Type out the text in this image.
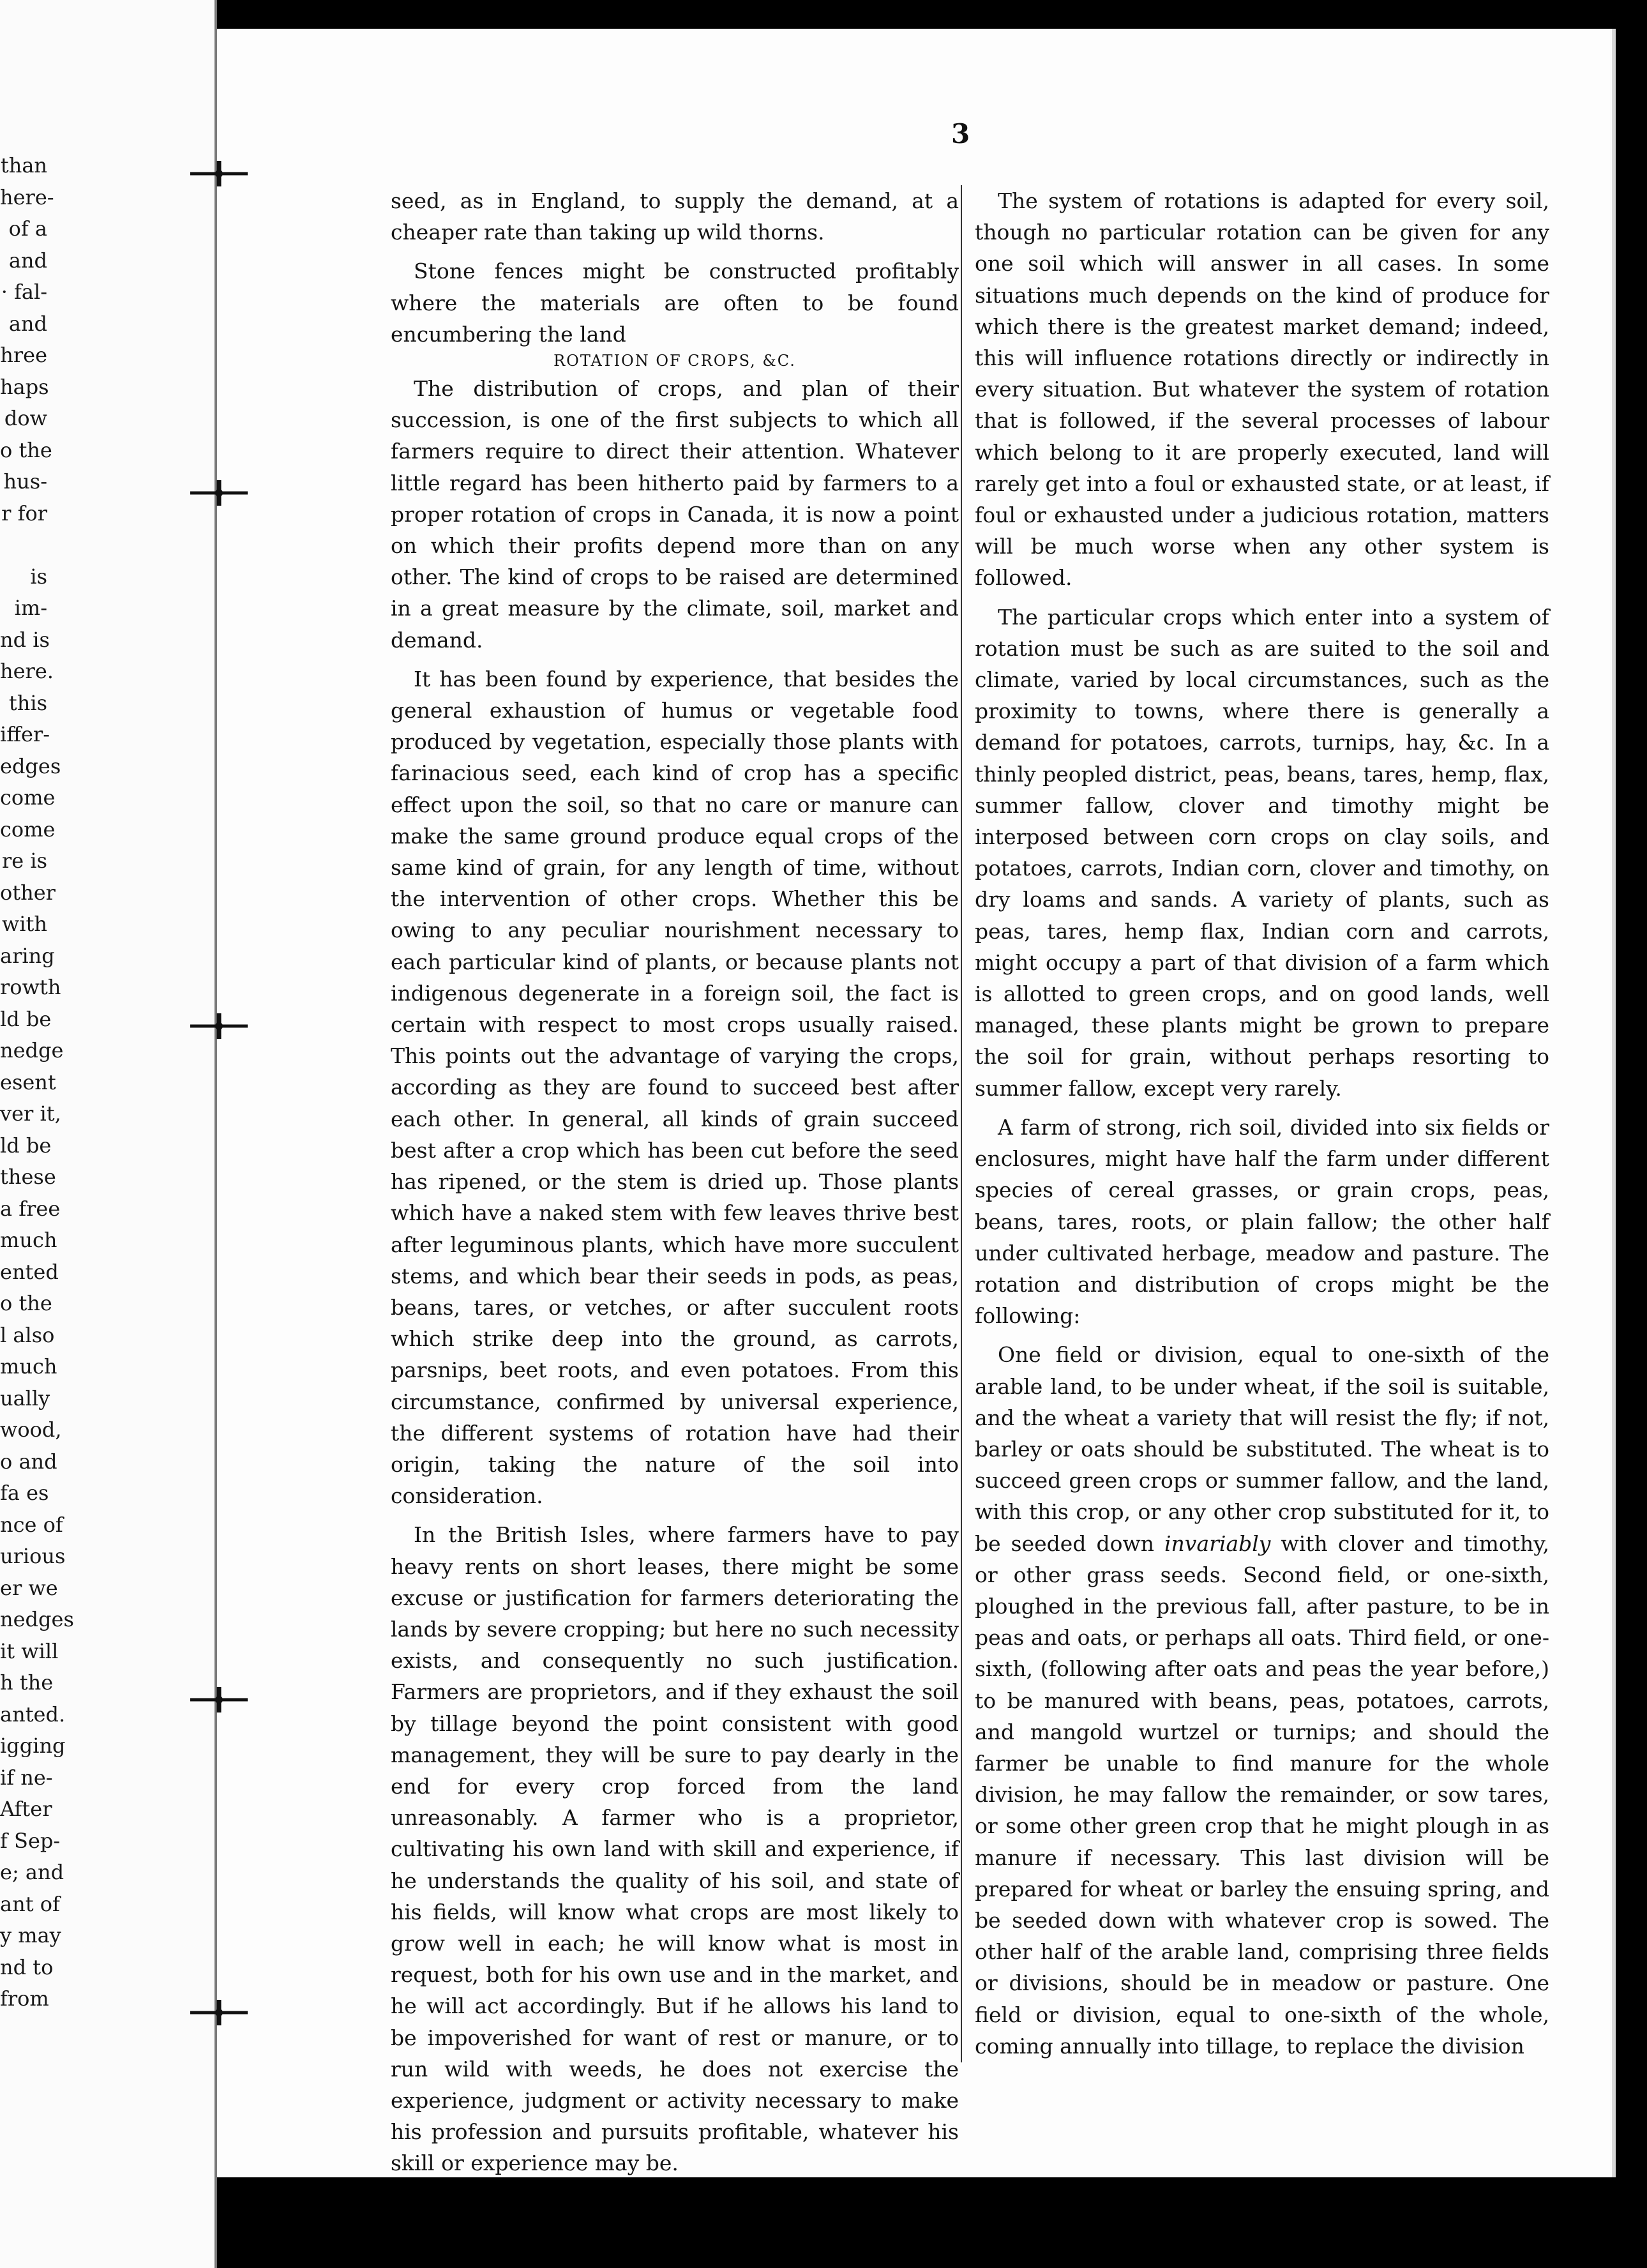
than
here-
of a
and
· fal-
and
hree
haps
dow
o the
hus-
r for
is
im-
nd is
here.
this
iffer-
edges
come
come
re is
other
with
aring
rowth
ld be
nedge
esent
ver it,
ld be
these
a free
much
ented
o the
l also
much
ually
wood,
o and
fa es
nce of
urious
er we
nedges
it will
h the
anted.
igging
if ne-
After
f Sep-
e; and
ant of
y may
nd to
from
3

seed, as in England, to supply the demand, at a cheaper rate than taking up wild thorns.

Stone fences might be constructed profitably where the materials are often to be found encumbering the land

ROTATION OF CROPS, &C.

The distribution of crops, and plan of their succession, is one of the first subjects to which all farmers require to direct their attention. Whatever little regard has been hitherto paid by farmers to a proper rotation of crops in Canada, it is now a point on which their profits depend more than on any other. The kind of crops to be raised are determined in a great measure by the climate, soil, market and demand.

It has been found by experience, that besides the general exhaustion of humus or vegetable food produced by vegetation, especially those plants with farinacious seed, each kind of crop has a specific effect upon the soil, so that no care or manure can make the same ground produce equal crops of the same kind of grain, for any length of time, without the intervention of other crops. Whether this be owing to any peculiar nourishment necessary to each particular kind of plants, or because plants not indigenous degenerate in a foreign soil, the fact is certain with respect to most crops usually raised. This points out the advantage of varying the crops, according as they are found to succeed best after each other. In general, all kinds of grain succeed best after a crop which has been cut before the seed has ripened, or the stem is dried up. Those plants which have a naked stem with few leaves thrive best after leguminous plants, which have more succulent stems, and which bear their seeds in pods, as peas, beans, tares, or vetches, or after succulent roots which strike deep into the ground, as carrots, parsnips, beet roots, and even potatoes. From this circumstance, confirmed by universal experience, the different systems of rotation have had their origin, taking the nature of the soil into consideration.

In the British Isles, where farmers have to pay heavy rents on short leases, there might be some excuse or justification for farmers deteriorating the lands by severe cropping; but here no such necessity exists, and consequently no such justification. Farmers are proprietors, and if they exhaust the soil by tillage beyond the point consistent with good management, they will be sure to pay dearly in the end for every crop forced from the land unreasonably. A farmer who is a proprietor, cultivating his own land with skill and experience, if he understands the quality of his soil, and state of his fields, will know what crops are most likely to grow well in each; he will know what is most in request, both for his own use and in the market, and he will act accordingly. But if he allows his land to be impoverished for want of rest or manure, or to run wild with weeds, he does not exercise the experience, judgment or activity necessary to make his profession and pursuits profitable, whatever his skill or experience may be.

The system of rotations is adapted for every soil, though no particular rotation can be given for any one soil which will answer in all cases. In some situations much depends on the kind of produce for which there is the greatest market demand; indeed, this will influence rotations directly or indirectly in every situation. But whatever the system of rotation that is followed, if the several processes of labour which belong to it are properly executed, land will rarely get into a foul or exhausted state, or at least, if foul or exhausted under a judicious rotation, matters will be much worse when any other system is followed.

The particular crops which enter into a system of rotation must be such as are suited to the soil and climate, varied by local circumstances, such as the proximity to towns, where there is generally a demand for potatoes, carrots, turnips, hay, &c. In a thinly peopled district, peas, beans, tares, hemp, flax, summer fallow, clover and timothy might be interposed between corn crops on clay soils, and potatoes, carrots, Indian corn, clover and timothy, on dry loams and sands. A variety of plants, such as peas, tares, hemp flax, Indian corn and carrots, might occupy a part of that division of a farm which is allotted to green crops, and on good lands, well managed, these plants might be grown to prepare the soil for grain, without perhaps resorting to summer fallow, except very rarely.

A farm of strong, rich soil, divided into six fields or enclosures, might have half the farm under different species of cereal grasses, or grain crops, peas, beans, tares, roots, or plain fallow; the other half under cultivated herbage, meadow and pasture. The rotation and distribution of crops might be the following:

One field or division, equal to one-sixth of the arable land, to be under wheat, if the soil is suitable, and the wheat a variety that will resist the fly; if not, barley or oats should be substituted. The wheat is to succeed green crops or summer fallow, and the land, with this crop, or any other crop substituted for it, to be seeded down invariably with clover and timothy, or other grass seeds. Second field, or one-sixth, ploughed in the previous fall, after pasture, to be in peas and oats, or perhaps all oats. Third field, or one-sixth, (following after oats and peas the year before,) to be manured with beans, peas, potatoes, carrots, and mangold wurtzel or turnips; and should the farmer be unable to find manure for the whole division, he may fallow the remainder, or sow tares, or some other green crop that he might plough in as manure if necessary. This last division will be prepared for wheat or barley the ensuing spring, and be seeded down with whatever crop is sowed. The other half of the arable land, comprising three fields or divisions, should be in meadow or pasture. One field or division, equal to one-sixth of the whole, coming annually into tillage, to replace the division
